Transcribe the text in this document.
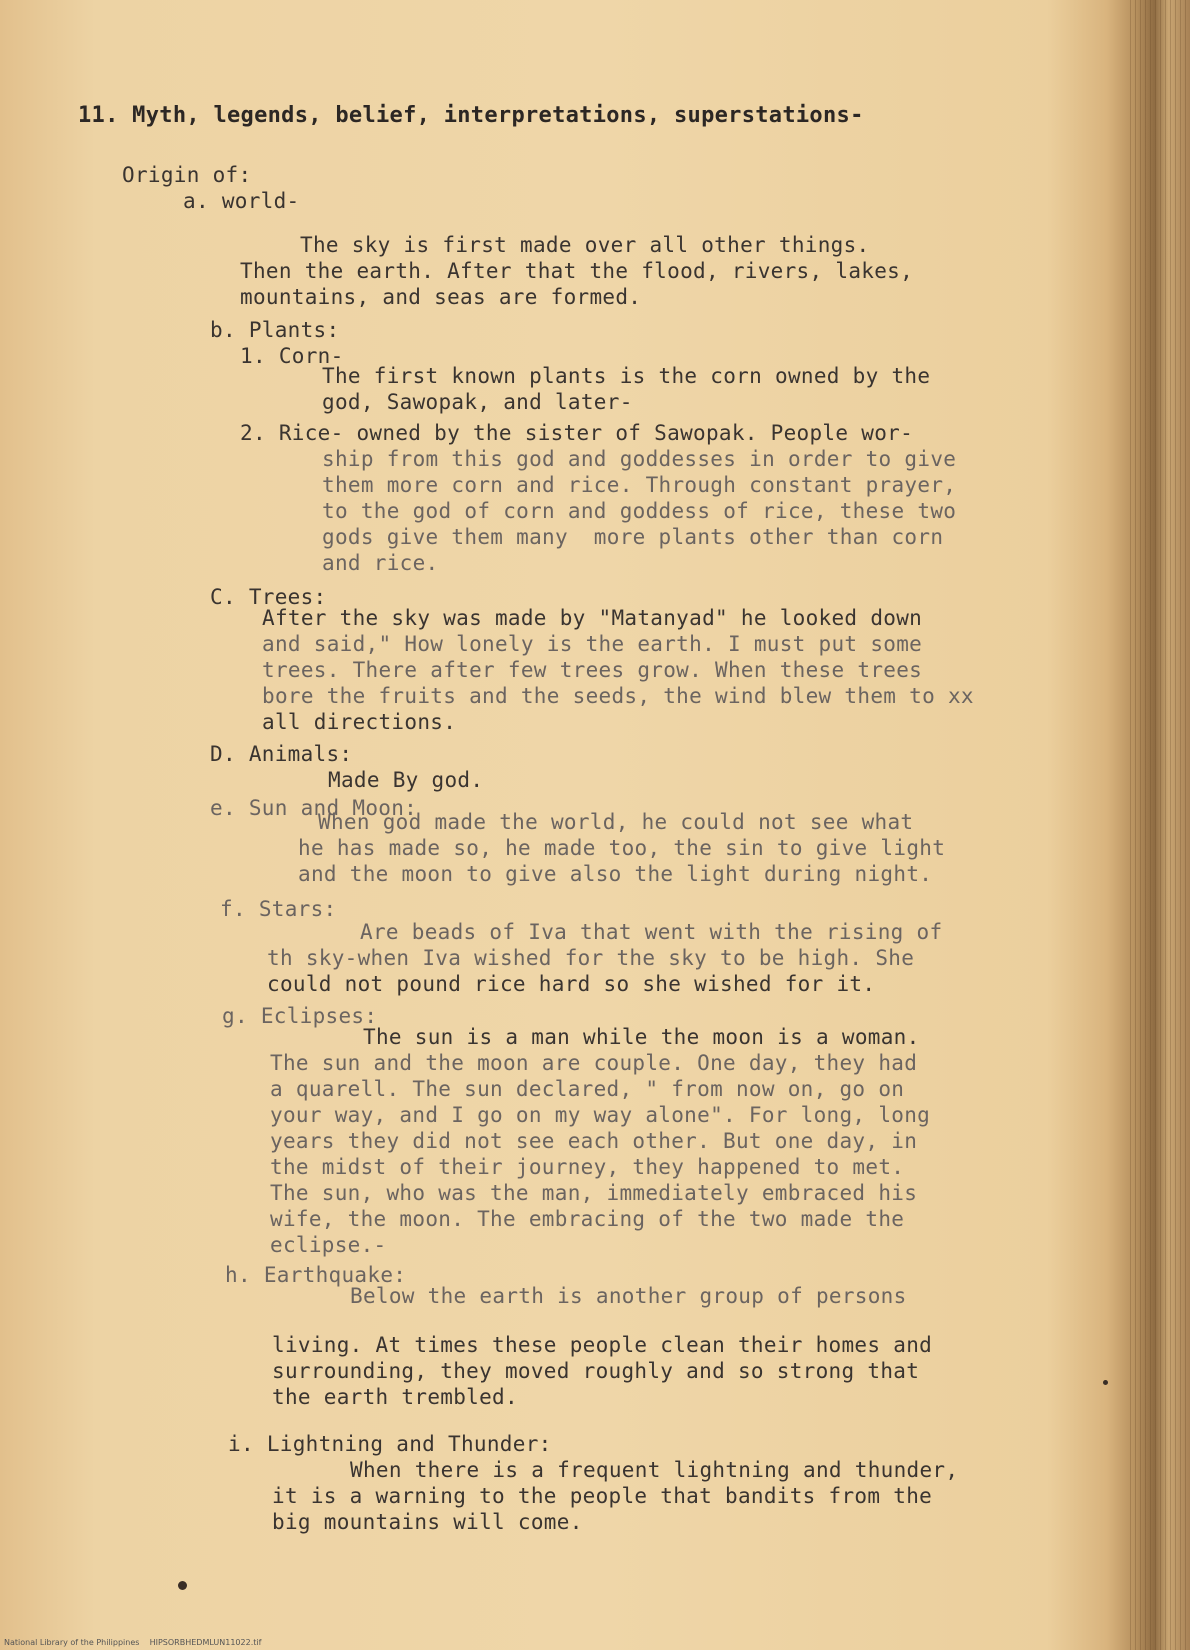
11. Myth, legends, belief, interpretations, superstations-
Origin of:
a. world-
The sky is first made over all other things.
Then the earth. After that the flood, rivers, lakes,
mountains, and seas are formed.
b. Plants:
1. Corn-
The first known plants is the corn owned by the
god, Sawopak, and later-
2. Rice- owned by the sister of Sawopak. People wor-
ship from this god and goddesses in order to give
them more corn and rice. Through constant prayer,
to the god of corn and goddess of rice, these two
gods give them many  more plants other than corn
and rice.
C. Trees:
After the sky was made by "Matanyad" he looked down
and said," How lonely is the earth. I must put some
trees. There after few trees grow. When these trees
bore the fruits and the seeds, the wind blew them to xx
all directions.
D. Animals:
Made By god.
e. Sun and Moon:
When god made the world, he could not see what
he has made so, he made too, the sin to give light
and the moon to give also the light during night.
f. Stars:
Are beads of Iva that went with the rising of
th sky-when Iva wished for the sky to be high. She
could not pound rice hard so she wished for it.
g. Eclipses:
The sun is a man while the moon is a woman.
The sun and the moon are couple. One day, they had
a quarell. The sun declared, " from now on, go on
your way, and I go on my way alone". For long, long
years they did not see each other. But one day, in
the midst of their journey, they happened to met.
The sun, who was the man, immediately embraced his
wife, the moon. The embracing of the two made the
eclipse.-
h. Earthquake:
Below the earth is another group of persons
living. At times these people clean their homes and
surrounding, they moved roughly and so strong that
the earth trembled.
i. Lightning and Thunder:
When there is a frequent lightning and thunder,
it is a warning to the people that bandits from the
big mountains will come.
National Library of the Philippines    HIPSORBHEDMLUN11022.tif
